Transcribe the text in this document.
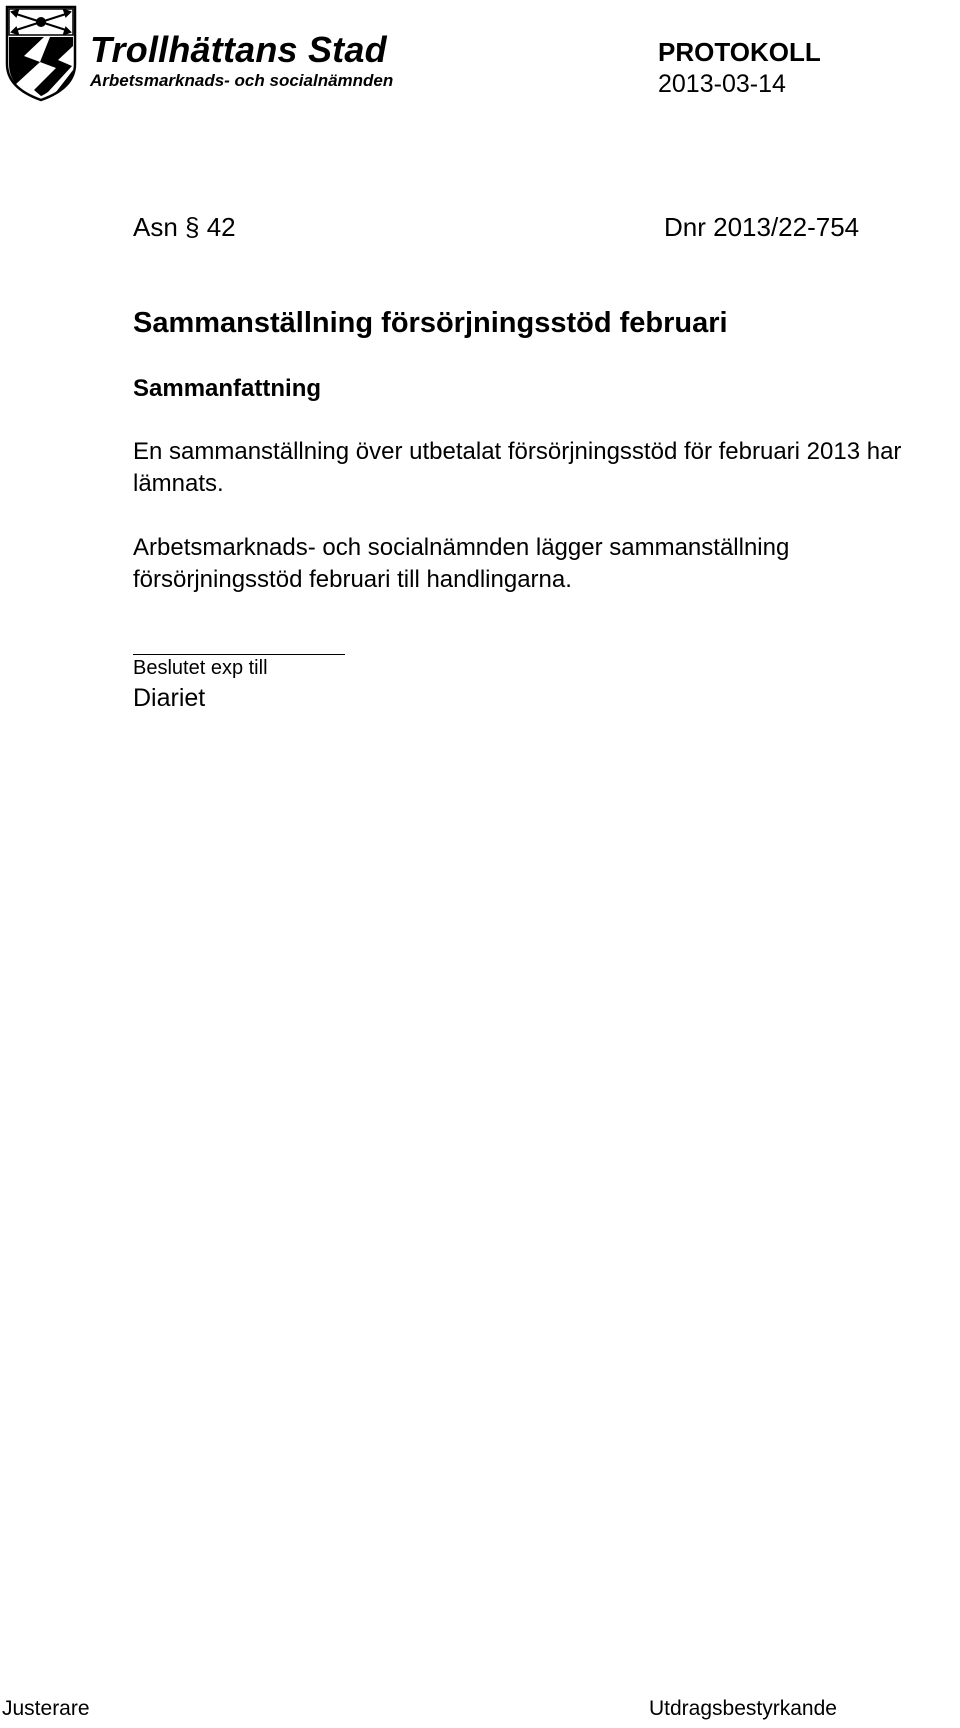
Trollhättans Stad
Arbetsmarknads- och socialnämnden
PROTOKOLL
2013-03-14
Asn § 42	Dnr 2013/22-754
Sammanställning försörjningsstöd februari
Sammanfattning
En sammanställning över utbetalat försörjningsstöd för februari 2013 har lämnats.
Arbetsmarknads- och socialnämnden lägger sammanställning försörjningsstöd februari till handlingarna.
Beslutet exp till
Diariet
Justerare	Utdragsbestyrkande
